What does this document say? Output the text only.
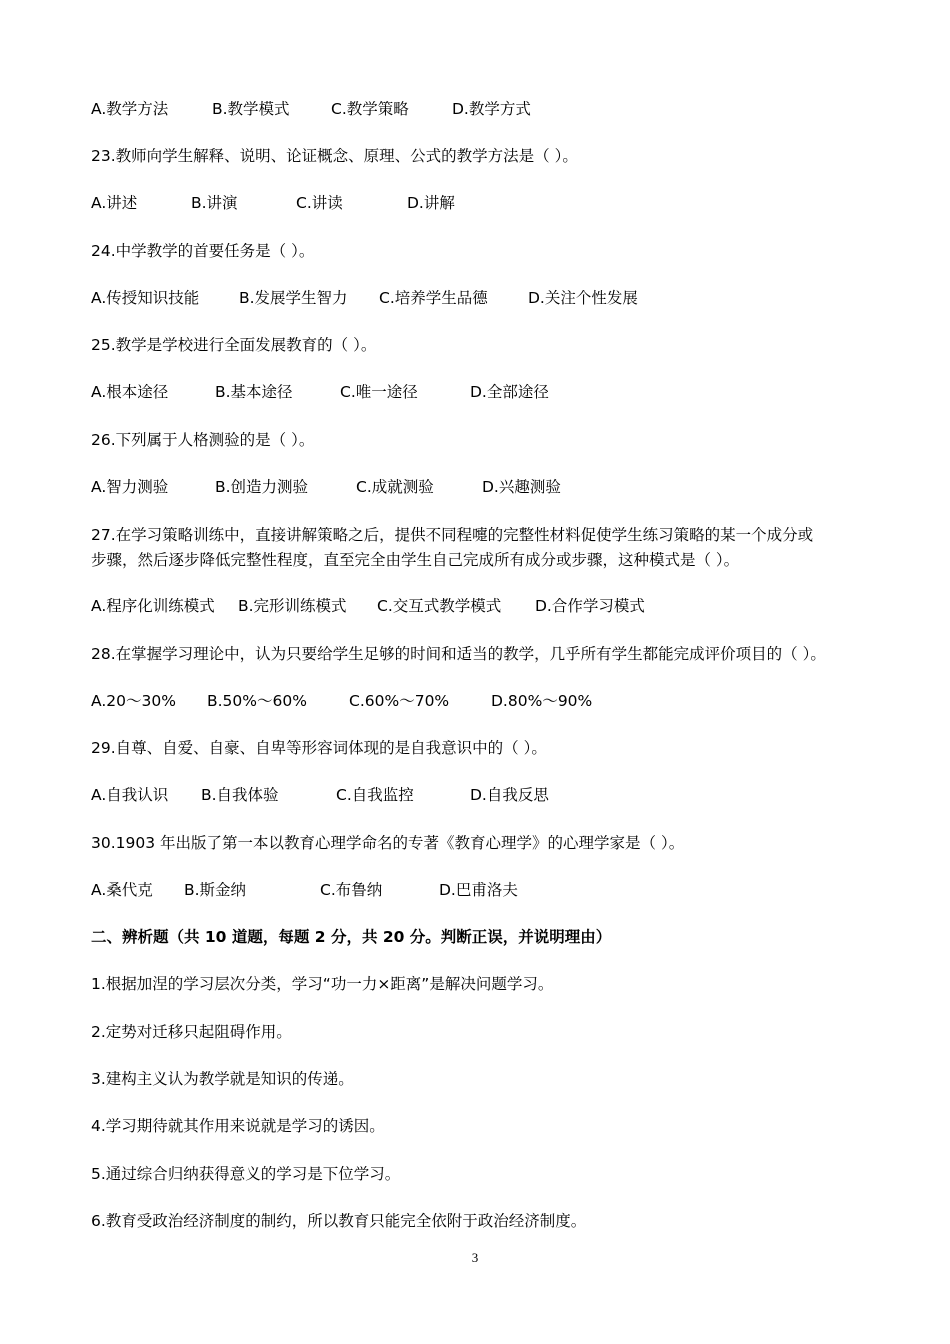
A.教学方法	B.教学模式	C.教学策略	D.教学方式
23.教师向学生解释、说明、论证概念、原理、公式的教学方法是（ ）。
A.讲述	B.讲演	C.讲读	D.讲解
24.中学教学的首要任务是（ ）。
A.传授知识技能	B.发展学生智力 C.培养学生品德	D.关注个性发展
25.教学是学校进行全面发展教育的（ ）。
A.根本途径	B.基本途径	C.唯一途径	D.全部途径
26.下列属于人格测验的是（ ）。
A.智力测验	B.创造力测验	C.成就测验	D.兴趣测验
27.在学习策略训练中，直接讲解策略之后，提供不同程嚏的完整性材料促使学生练习策略的某一个成分或
步骤，然后逐步降低完整性程度，直至完全由学生自己完成所有成分或步骤，这种模式是（ ）。
A.程序化训练模式 B.完形训练模式 C.交互式教学模式 D.合作学习模式
28.在掌握学习理论中，认为只要给学生足够的时间和适当的教学，几乎所有学生都能完成评价项目的（ ）。
A.20～30% B.50%～60%	C.60%～70%	D.80%～90%
29.自尊、自爱、自豪、自卑等形容词体现的是自我意识中的（ ）。
A.自我认识 B.自我体验	C.自我监控	D.自我反思
30.1903 年出版了第一本以教育心理学命名的专著《教育心理学》的心理学家是（ ）。
A.桑代克 B.斯金纳	C.布鲁纳	D.巴甫洛夫
二、辨析题（共 10 道题，每题 2 分，共 20 分。判断正误，并说明理由）
1.根据加涅的学习层次分类，学习“功一力×距离”是解决问题学习。
2.定势对迁移只起阻碍作用。
3.建构主义认为教学就是知识的传递。
4.学习期待就其作用来说就是学习的诱因。
5.通过综合归纳获得意义的学习是下位学习。
6.教育受政治经济制度的制约，所以教育只能完全依附于政治经济制度。
3
